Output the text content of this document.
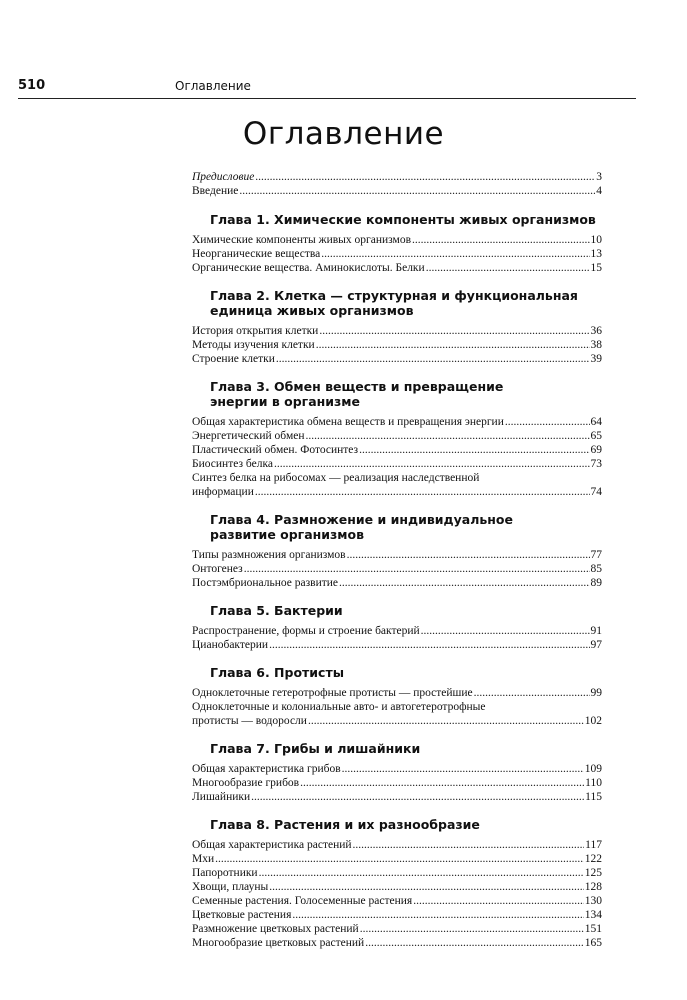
510	Оглавление
Оглавление
Предисловие .....	3
Введение .....	4
Глава 1. Химические компоненты живых организмов
Химические компоненты живых организмов .....	10
Неорганические вещества .....	13
Органические вещества. Аминокислоты. Белки .....	15
Глава 2. Клетка — структурная и функциональная
единица живых организмов
История открытия клетки .....	36
Методы изучения клетки .....	38
Строение клетки .....	39
Глава 3. Обмен веществ и превращение
энергии в организме
Общая характеристика обмена веществ и превращения энергии .....	64
Энергетический обмен .....	65
Пластический обмен. Фотосинтез .....	69
Биосинтез белка .....	73
Синтез белка на рибосомах — реализация наследственной
информации .....	74
Глава 4. Размножение и индивидуальное
развитие организмов
Типы размножения организмов .....	77
Онтогенез .....	85
Постэмбриональное развитие .....	89
Глава 5. Бактерии
Распространение, формы и строение бактерий .....	91
Цианобактерии .....	97
Глава 6. Протисты
Одноклеточные гетеротрофные протисты — простейшие .....	99
Одноклеточные и колониальные авто- и автогетеротрофные
протисты — водоросли .....	102
Глава 7. Грибы и лишайники
Общая характеристика грибов .....	109
Многообразие грибов .....	110
Лишайники .....	115
Глава 8. Растения и их разнообразие
Общая характеристика растений .....	117
Мхи .....	122
Папоротники .....	125
Хвощи, плауны .....	128
Семенные растения. Голосеменные растения .....	130
Цветковые растения .....	134
Размножение цветковых растений .....	151
Многообразие цветковых растений .....	165
